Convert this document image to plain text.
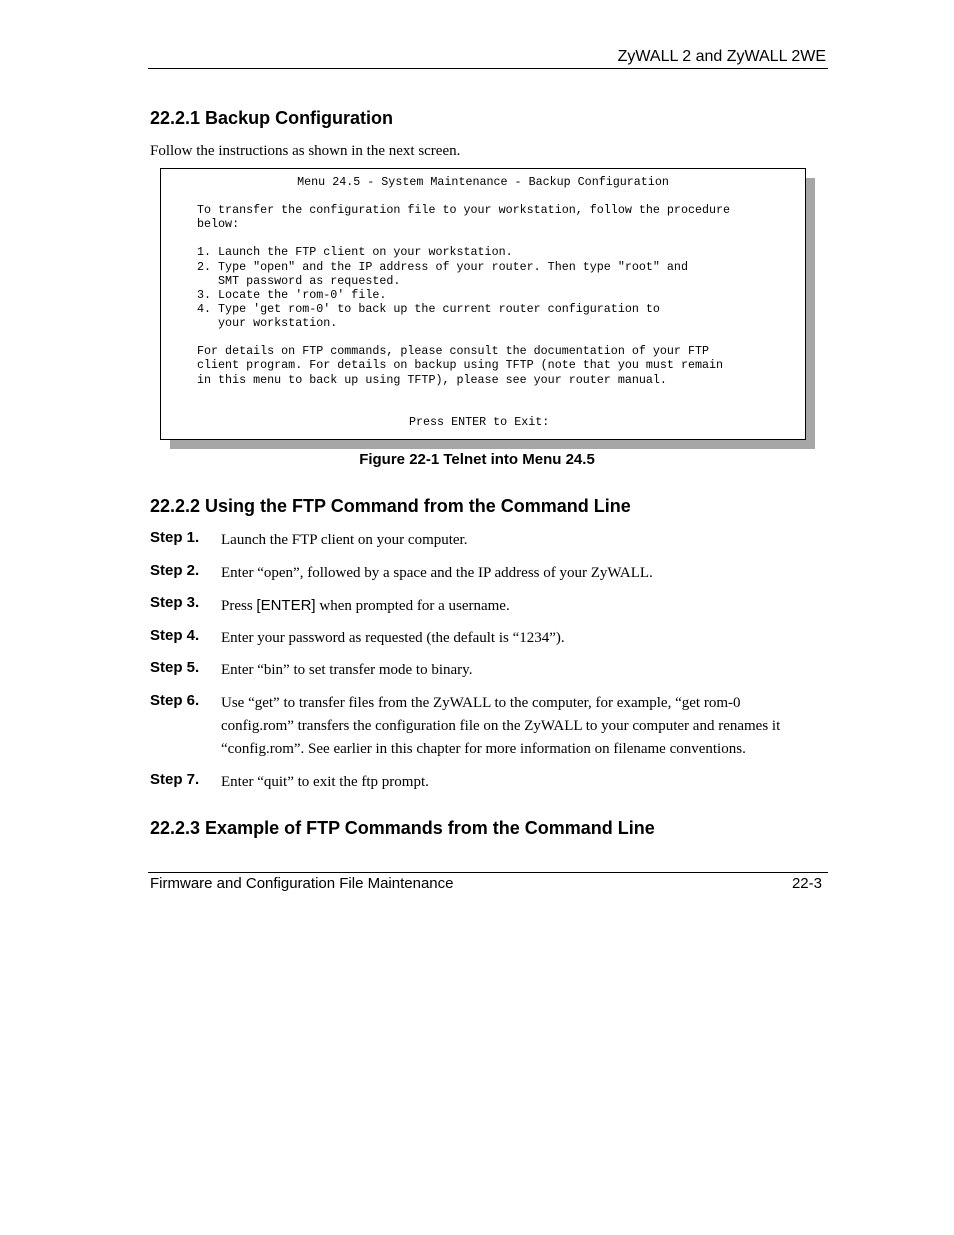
ZyWALL 2 and ZyWALL 2WE
22.2.1 Backup Configuration
Follow the instructions as shown in the next screen.
Menu 24.5 - System Maintenance - Backup Configuration
To transfer the configuration file to your workstation, follow the procedure
below:
1. Launch the FTP client on your workstation.
2. Type "open" and the IP address of your router. Then type "root" and
SMT password as requested.
3. Locate the 'rom-0' file.
4. Type 'get rom-0' to back up the current router configuration to
your workstation.
For details on FTP commands, please consult the documentation of your FTP
client program. For details on backup using TFTP (note that you must remain
in this menu to back up using TFTP), please see your router manual.
Press ENTER to Exit:
Figure 22-1 Telnet into Menu 24.5
22.2.2 Using the FTP Command from the Command Line
Step 1. Launch the FTP client on your computer.
Step 2. Enter “open”, followed by a space and the IP address of your ZyWALL.
Step 3. Press [ENTER] when prompted for a username.
Step 4. Enter your password as requested (the default is “1234”).
Step 5. Enter “bin” to set transfer mode to binary.
Step 6. Use “get” to transfer files from the ZyWALL to the computer, for example, “get rom-0 config.rom” transfers the configuration file on the ZyWALL to your computer and renames it “config.rom”. See earlier in this chapter for more information on filename conventions.
Step 7. Enter “quit” to exit the ftp prompt.
22.2.3 Example of FTP Commands from the Command Line
Firmware and Configuration File Maintenance	22-3
